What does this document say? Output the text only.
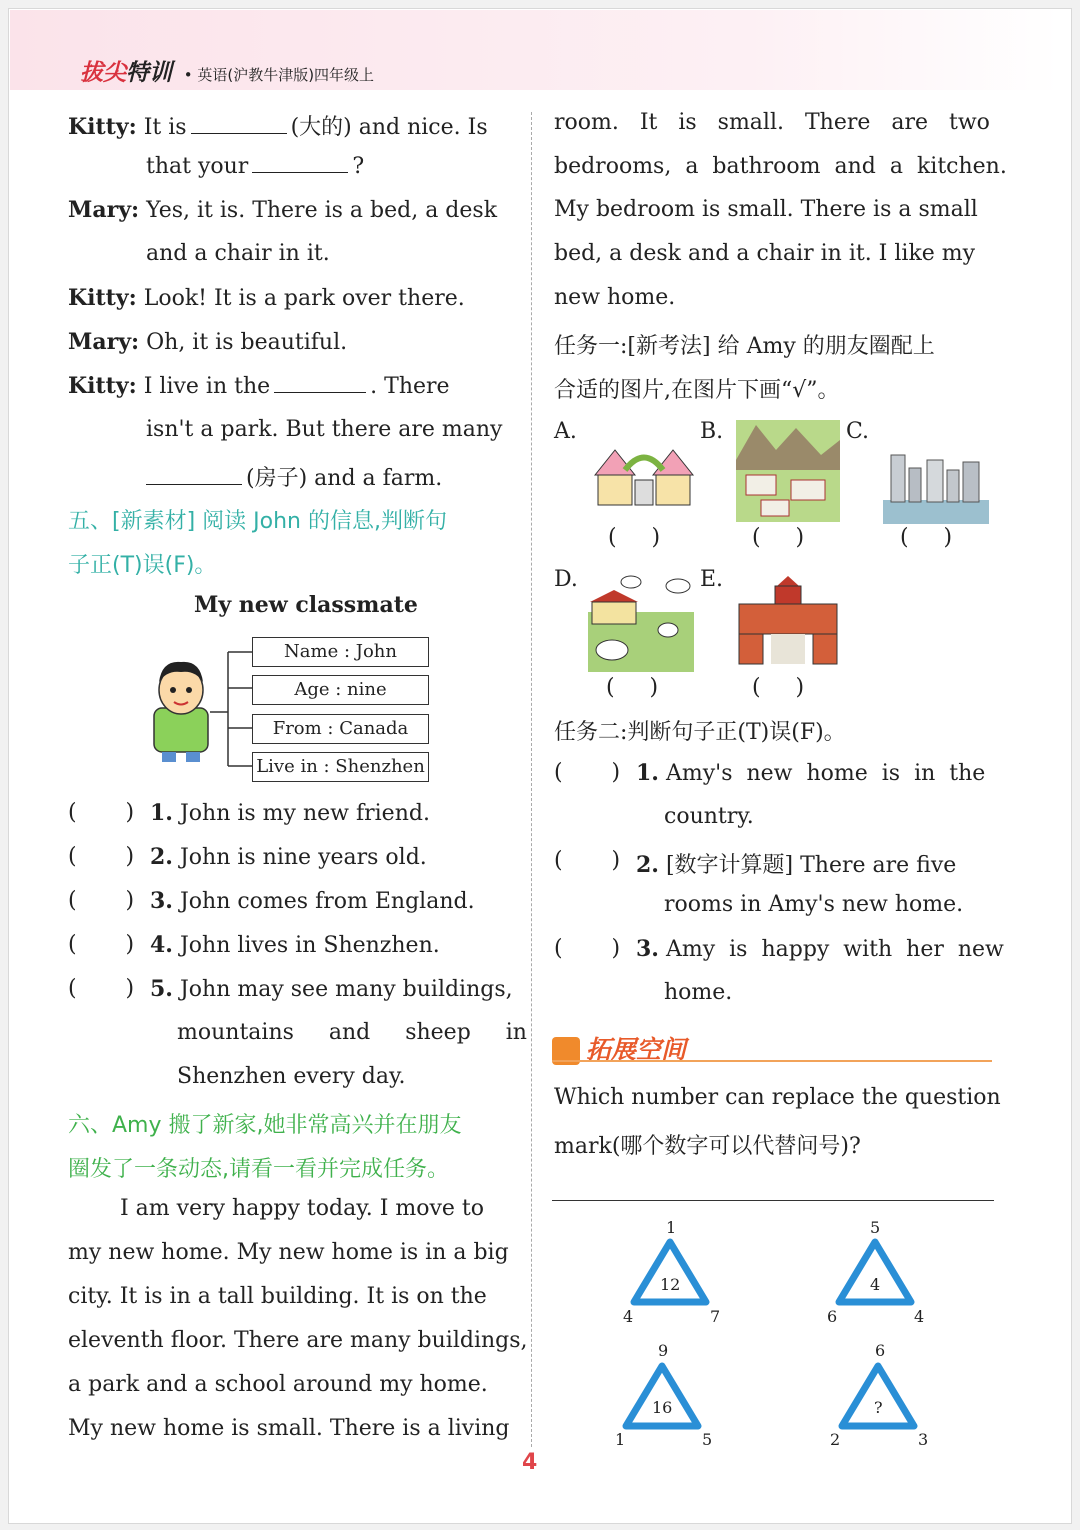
拔尖特训 • 英语(沪教牛津版)四年级上
Kitty: It is	(大的) and nice. Is
that your	?
Mary: Yes, it is. There is a bed, a desk
and a chair in it.
Kitty: Look! It is a park over there.
Mary: Oh, it is beautiful.
Kitty: I live in the	. There
isn't a park. But there are many
(房子) and a farm.
五、[新素材] 阅读 John 的信息,判断句
子正(T)误(F)。
My new classmate
Name : John
Age : nine
From : Canada
Live in : Shenzhen
(       ) 1. John is my new friend.
(       ) 2. John is nine years old.
(       ) 3. John comes from England.
(       ) 4. John lives in Shenzhen.
(       ) 5. John may see many buildings,
mountains     and     sheep     in
Shenzhen every day.
六、Amy 搬了新家,她非常高兴并在朋友
圈发了一条动态,请看一看并完成任务。
I am very happy today. I move to
my new home. My new home is in a big
city. It is in a tall building. It is on the
eleventh floor. There are many buildings,
a park and a school around my home.
My new home is small. There is a living
room.   It   is   small.   There   are   two
bedrooms,  a  bathroom  and  a  kitchen.
My bedroom is small. There is a small
bed, a desk and a chair in it. I like my
new home.
任务一:[新考法] 给 Amy 的朋友圈配上
合适的图片,在图片下画“√”。
A.	B.	C.
(     )	(     )	(     )
D.	E.
(     )	(     )
任务二:判断句子正(T)误(F)。
(       ) 1. Amy's  new  home  is  in  the
country.
(       ) 2. [数字计算题] There are five
rooms in Amy's new home.
(       ) 3. Amy  is  happy  with  her  new
home.
拓展空间
Which number can replace the question
mark(哪个数字可以代替问号)?
1
4	7
12
5
6	4
4
9
1	5
16
6
2	3
?
4
